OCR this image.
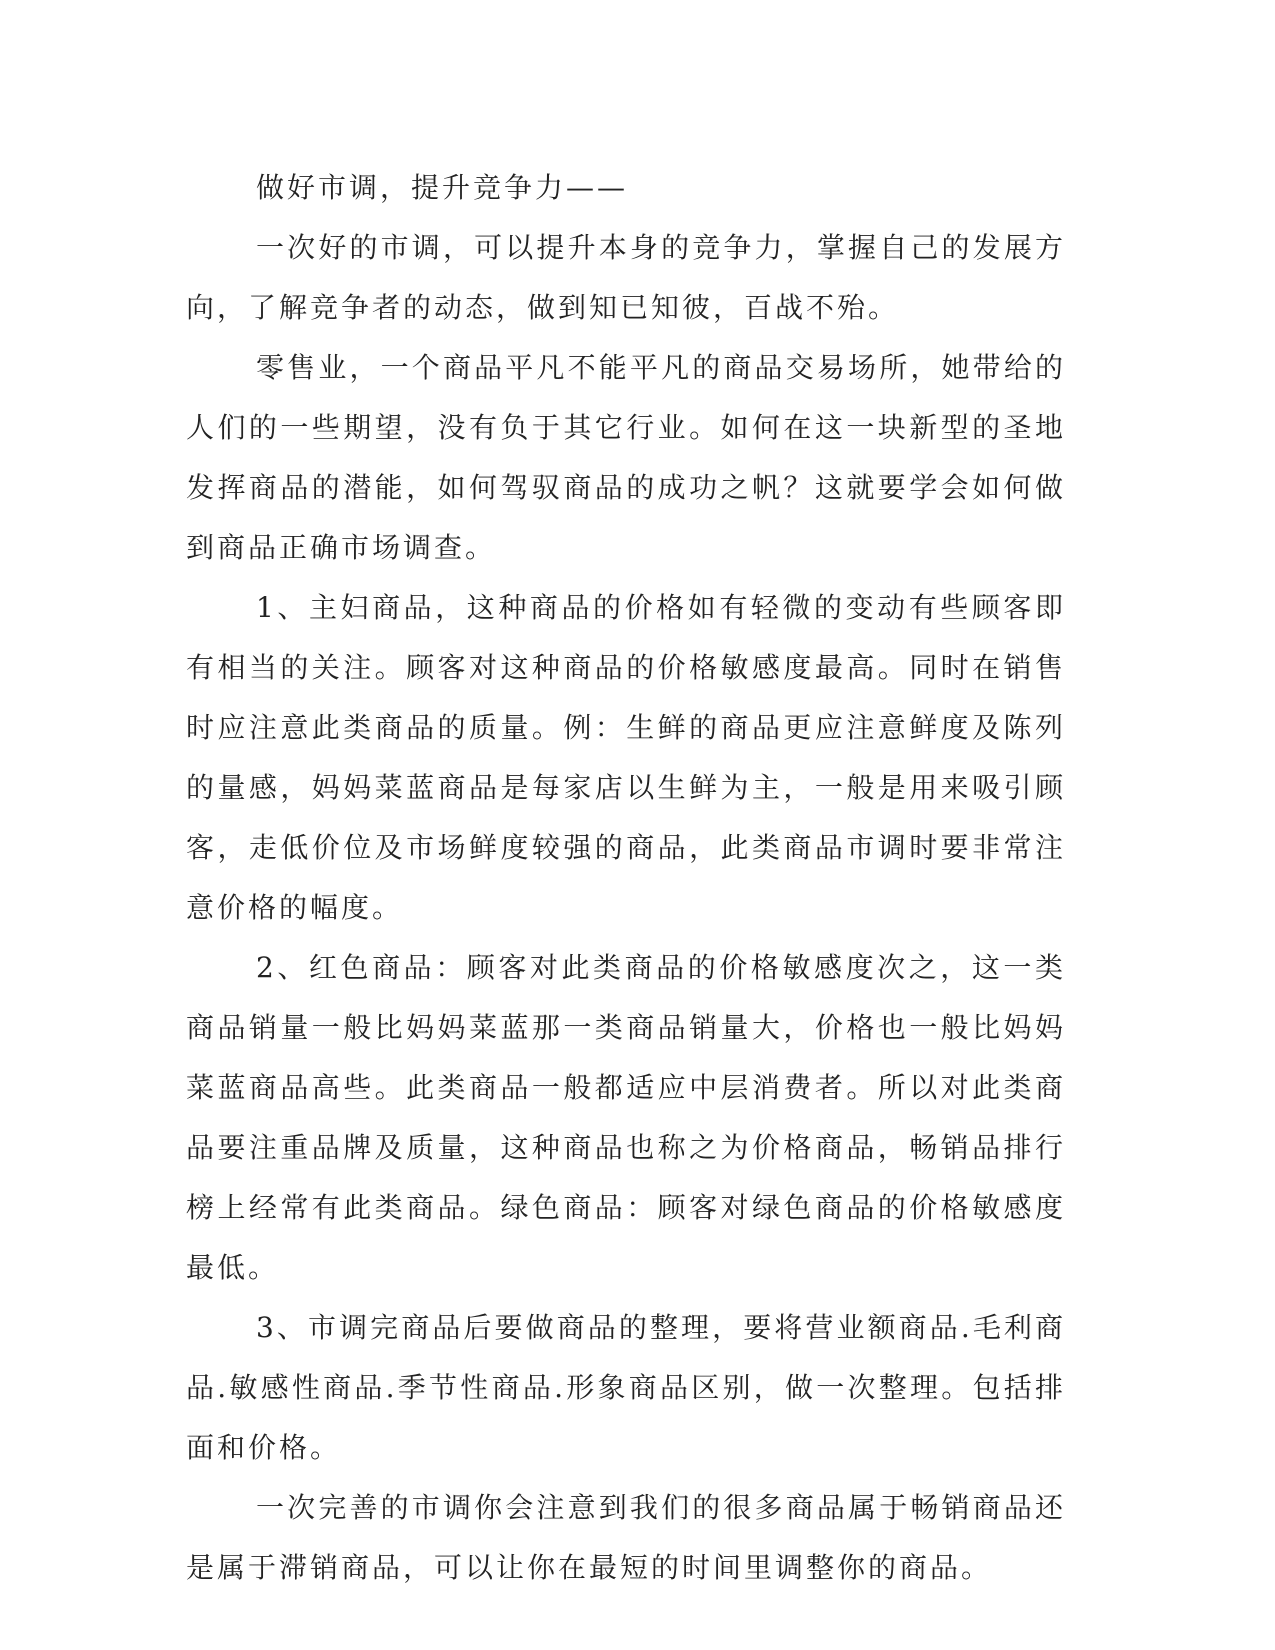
做好市调，提升竞争力——

一次好的市调，可以提升本身的竞争力，掌握自己的发展方向，了解竞争者的动态，做到知已知彼，百战不殆。

零售业，一个商品平凡不能平凡的商品交易场所，她带给的人们的一些期望，没有负于其它行业。如何在这一块新型的圣地发挥商品的潜能，如何驾驭商品的成功之帆？这就要学会如何做到商品正确市场调查。

1、主妇商品，这种商品的价格如有轻微的变动有些顾客即有相当的关注。顾客对这种商品的价格敏感度最高。同时在销售时应注意此类商品的质量。例：生鲜的商品更应注意鲜度及陈列的量感，妈妈菜蓝商品是每家店以生鲜为主，一般是用来吸引顾客，走低价位及市场鲜度较强的商品，此类商品市调时要非常注意价格的幅度。

2、红色商品：顾客对此类商品的价格敏感度次之，这一类商品销量一般比妈妈菜蓝那一类商品销量大，价格也一般比妈妈菜蓝商品高些。此类商品一般都适应中层消费者。所以对此类商品要注重品牌及质量，这种商品也称之为价格商品，畅销品排行榜上经常有此类商品。绿色商品：顾客对绿色商品的价格敏感度最低。

3、市调完商品后要做商品的整理，要将营业额商品.毛利商品.敏感性商品.季节性商品.形象商品区别，做一次整理。包括排面和价格。

一次完善的市调你会注意到我们的很多商品属于畅销商品还是属于滞销商品，可以让你在最短的时间里调整你的商品。
